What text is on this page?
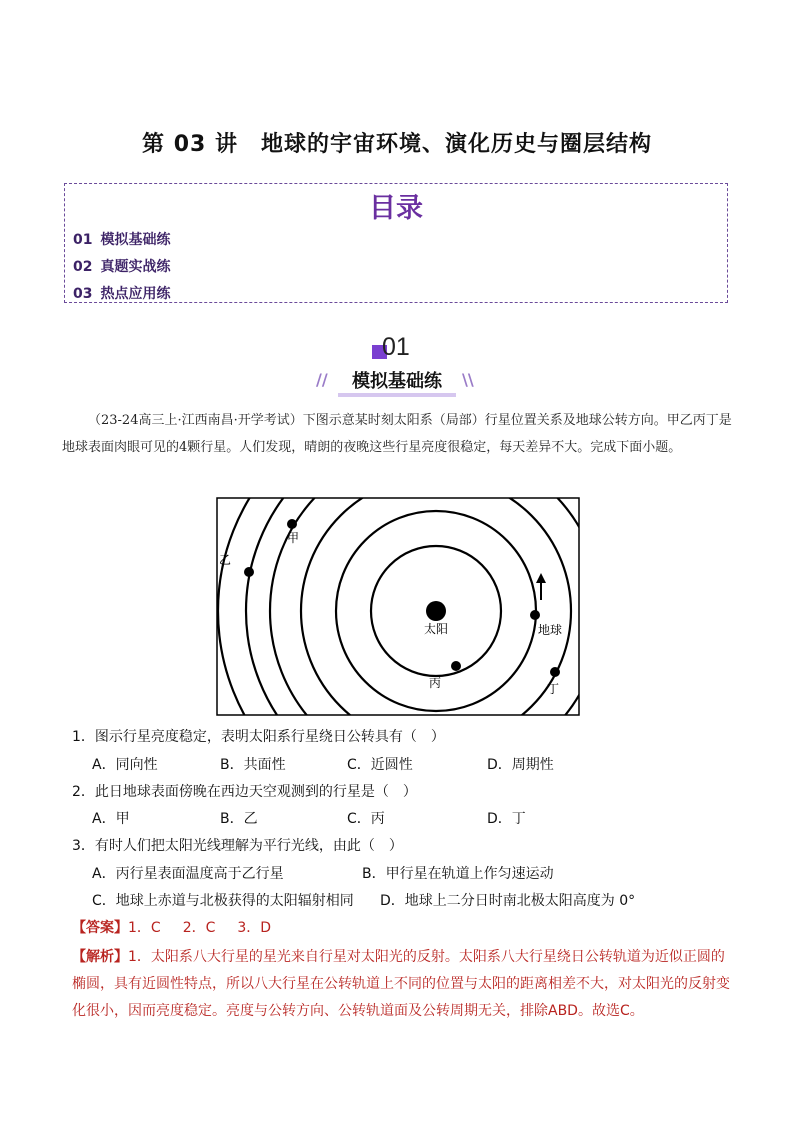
第 03 讲　地球的宇宙环境、演化历史与圈层结构
目录
01 模拟基础练
02 真题实战练
03 热点应用练
01
//	模拟基础练	\\
（23-24高三上·江西南昌·开学考试）下图示意某时刻太阳系（局部）行星位置关系及地球公转方向。甲乙丙丁是地球表面肉眼可见的4颗行星。人们发现，晴朗的夜晚这些行星亮度很稳定，每天差异不大。完成下面小题。
太阳
甲
乙
丙	丁
地球
1．图示行星亮度稳定，表明太阳系行星绕日公转具有（　）
A．同向性	B．共面性	C．近圆性	D．周期性
2．此日地球表面傍晚在西边天空观测到的行星是（　）
A．甲	B．乙	C．丙	D．丁
3．有时人们把太阳光线理解为平行光线，由此（　）
A．丙行星表面温度高于乙行星	B．甲行星在轨道上作匀速运动
C．地球上赤道与北极获得的太阳辐射相同 D．地球上二分日时南北极太阳高度为 0°
【答案】1．C 2．C 3．D
【解析】1．太阳系八大行星的星光来自行星对太阳光的反射。太阳系八大行星绕日公转轨道为近似正圆的椭圆，具有近圆性特点，所以八大行星在公转轨道上不同的位置与太阳的距离相差不大，对太阳光的反射变化很小，因而亮度稳定。亮度与公转方向、公转轨道面及公转周期无关，排除ABD。故选C。
